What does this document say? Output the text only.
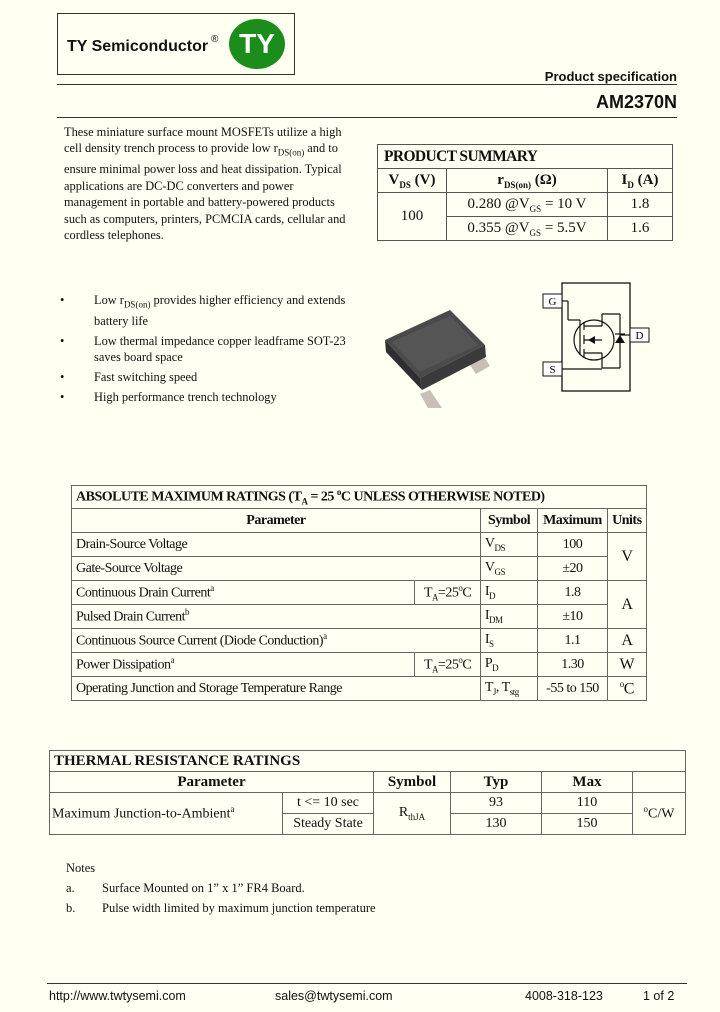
TY Semiconductor ® TY
Product specification
AM2370N
These miniature surface mount MOSFETs utilize a high cell density trench process to provide low $r_{DS(on)}$ and to ensure minimal power loss and heat dissipation. Typical applications are DC-DC converters and power management in portable and battery-powered products such as computers, printers, PCMCIA cards, cellular and cordless telephones.
• Low $r_{DS(on)}$ provides higher efficiency and extends battery life
• Low thermal impedance copper leadframe SOT-23 saves board space
• Fast switching speed
• High performance trench technology
PRODUCT SUMMARY		
$V_{DS}$ (V)	$r_{DS(on)}$ (Ω)	$I_D$ (A)
100	0.280 $@V_{GS} = 10$ V	1.8
	0.355 $@V_{GS} = 5.5V$	1.6
G
D
S
ABSOLUTE MAXIMUM RATINGS ($T_A = 25$ $^o$C UNLESS OTHERWISE NOTED)				
Parameter		Symbol	Maximum	Units
Drain-Source Voltage		$V_{DS}$	100	V
Gate-Source Voltage		$V_{GS}$	±20	
Continuous Drain Current$^a$	$T_A=25^oC$	$I_D$	1.8	A
Pulsed Drain Current$^b$		$I_{DM}$	±10	
Continuous Source Current (Diode Conduction)$^a$		$I_S$	1.1	A
Power Dissipation$^a$	$T_A=25^oC$	$P_D$	1.30	W
Operating Junction and Storage Temperature Range		$T_J$, $T_{stg}$	-55 to 150	$^o$C
THERMAL RESISTANCE RATINGS					
Parameter		Symbol	Typ	Max	
Maximum Junction-to-Ambient$^a$	t <= 10 sec	$R_{thJA}$	93	110	$^o$C/W
	Steady State		130	150	
Notes
a.	Surface Mounted on 1” x 1” FR4 Board.
b.	Pulse width limited by maximum junction temperature
http://www.twtysemi.com	sales@twtysemi.com	4008-318-123	1 of 2
